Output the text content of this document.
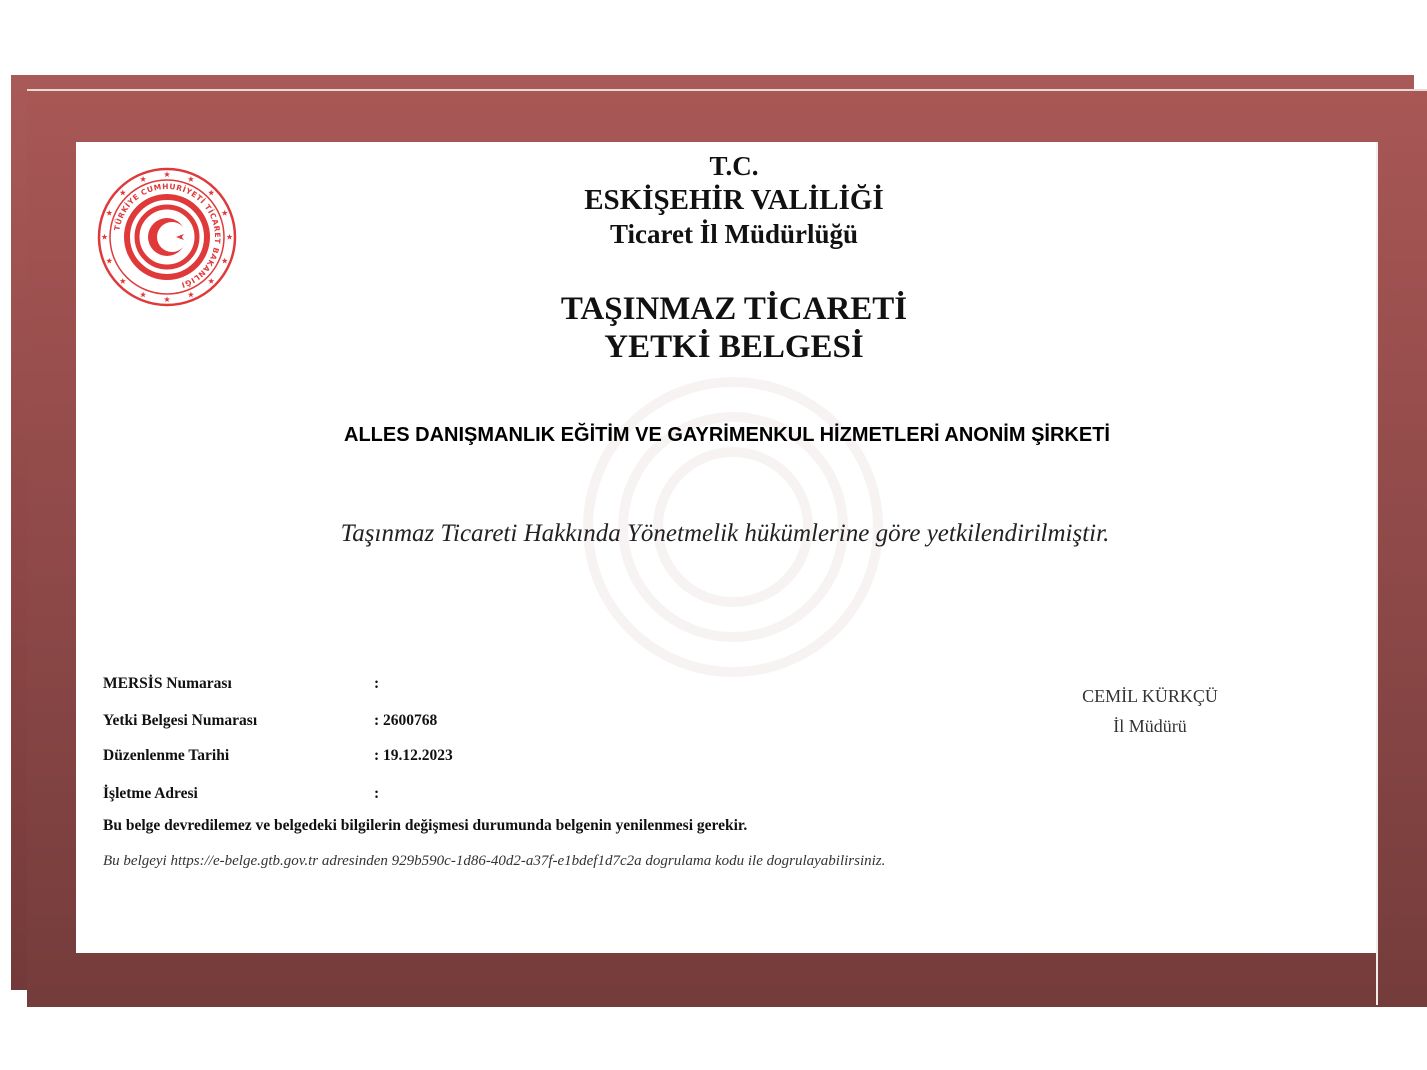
TÜRKİYE CUMHURİYETİ TİCARET BAKANLIĞI
T.C.
ESKİŞEHİR VALİLİĞİ
Ticaret İl Müdürlüğü
TAŞINMAZ TİCARETİ
YETKİ BELGESİ
ALLES DANIŞMANLIK EĞİTİM VE GAYRİMENKUL HİZMETLERİ ANONİM ŞİRKETİ
Taşınmaz Ticareti Hakkında Yönetmelik hükümlerine göre yetkilendirilmiştir.
MERSİS Numarası	:
Yetki Belgesi Numarası	: 2600768
Düzenlenme Tarihi	: 19.12.2023
İşletme Adresi	:
Bu belge devredilemez ve belgedeki bilgilerin değişmesi durumunda belgenin yenilenmesi gerekir.
Bu belgeyi https://e-belge.gtb.gov.tr adresinden 929b590c-1d86-40d2-a37f-e1bdef1d7c2a dogrulama kodu ile dogrulayabilirsiniz.
CEMİL KÜRKÇÜ
İl Müdürü
